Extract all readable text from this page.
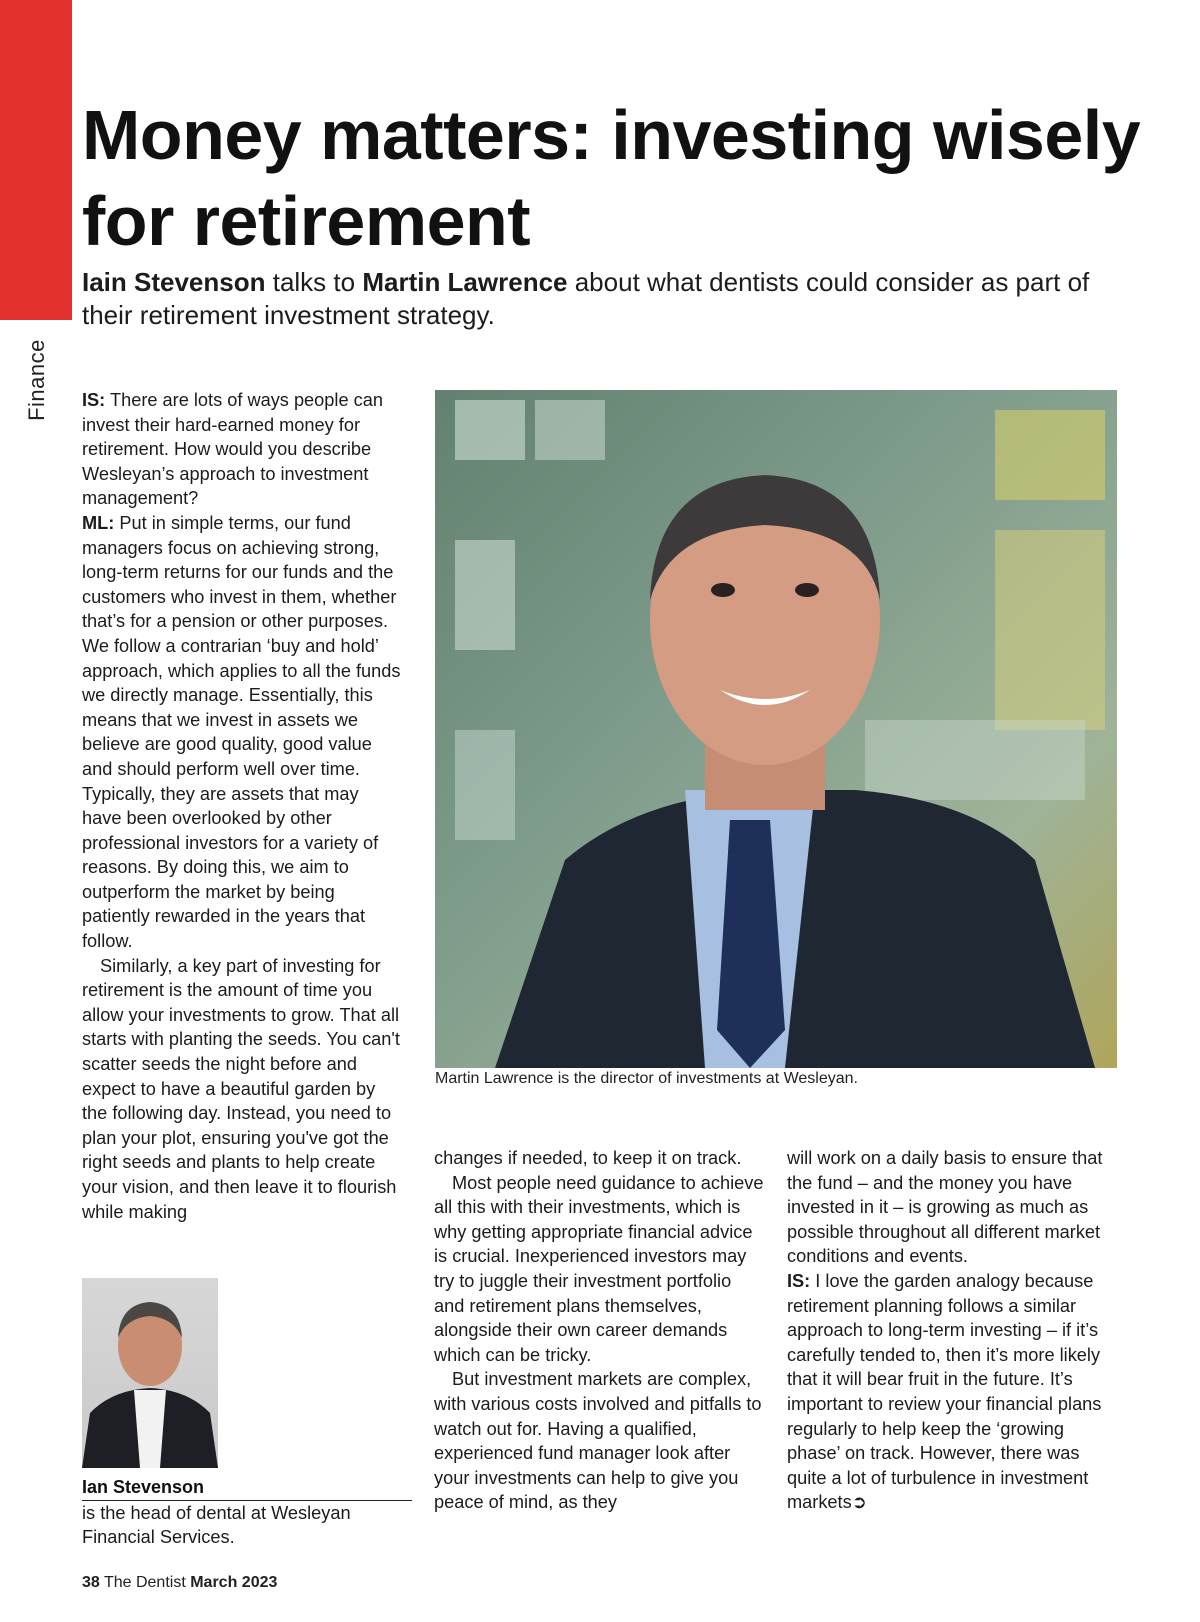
Finance
Money matters: investing wisely for retirement

Iain Stevenson talks to Martin Lawrence about what dentists could consider as part of their retirement investment strategy.

IS: There are lots of ways people can invest their hard-earned money for retirement. How would you describe Wesleyan’s approach to investment management?

ML: Put in simple terms, our fund managers focus on achieving strong, long-term returns for our funds and the customers who invest in them, whether that’s for a pension or other purposes. We follow a contrarian ‘buy and hold’ approach, which applies to all the funds we directly manage. Essentially, this means that we invest in assets we believe are good quality, good value and should perform well over time. Typically, they are assets that may have been overlooked by other professional investors for a variety of reasons. By doing this, we aim to outperform the market by being patiently rewarded in the years that follow.

Similarly, a key part of investing for retirement is the amount of time you allow your investments to grow. That all starts with planting the seeds. You can't scatter seeds the night before and expect to have a beautiful garden by the following day. Instead, you need to plan your plot, ensuring you've got the right seeds and plants to help create your vision, and then leave it to flourish while making

Martin Lawrence is the director of investments at Wesleyan.

changes if needed, to keep it on track.

Most people need guidance to achieve all this with their investments, which is why getting appropriate financial advice is crucial. Inexperienced investors may try to juggle their investment portfolio and retirement plans themselves, alongside their own career demands which can be tricky.

But investment markets are complex, with various costs involved and pitfalls to watch out for. Having a qualified, experienced fund manager look after your investments can help to give you peace of mind, as they

will work on a daily basis to ensure that the fund – and the money you have invested in it – is growing as much as possible throughout all different market conditions and events.

IS: I love the garden analogy because retirement planning follows a similar approach to long-term investing – if it’s carefully tended to, then it’s more likely that it will bear fruit in the future. It’s important to review your financial plans regularly to help keep the ‘growing phase’ on track. However, there was quite a lot of turbulence in investment markets➲

Ian Stevenson
is the head of dental at Wesleyan Financial Services.
38 The Dentist March 2023
